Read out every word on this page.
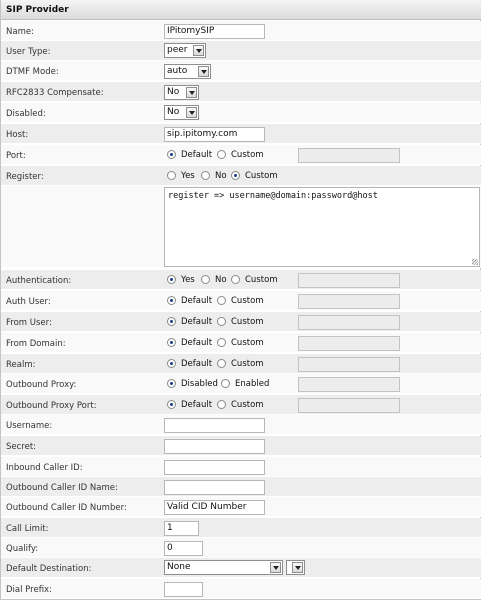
SIP Provider
Name:	IPitomySIP
User Type:	peer
DTMF Mode:	auto
RFC2833 Compensate:	No
Disabled:	No
Host:	sip.ipitomy.com
Port:	Default Custom
Register:	Yes No Custom
register => username@domain:password@host
Authentication:	Yes No Custom
Auth User:	Default Custom
From User:	Default Custom
From Domain:	Default Custom
Realm:	Default Custom
Outbound Proxy:	Disabled Enabled
Outbound Proxy Port:	Default Custom
Username:
Secret:
Inbound Caller ID:
Outbound Caller ID Name:
Outbound Caller ID Number:	Valid CID Number
Call Limit:	1
Qualify:	0
Default Destination:	None
Dial Prefix:
